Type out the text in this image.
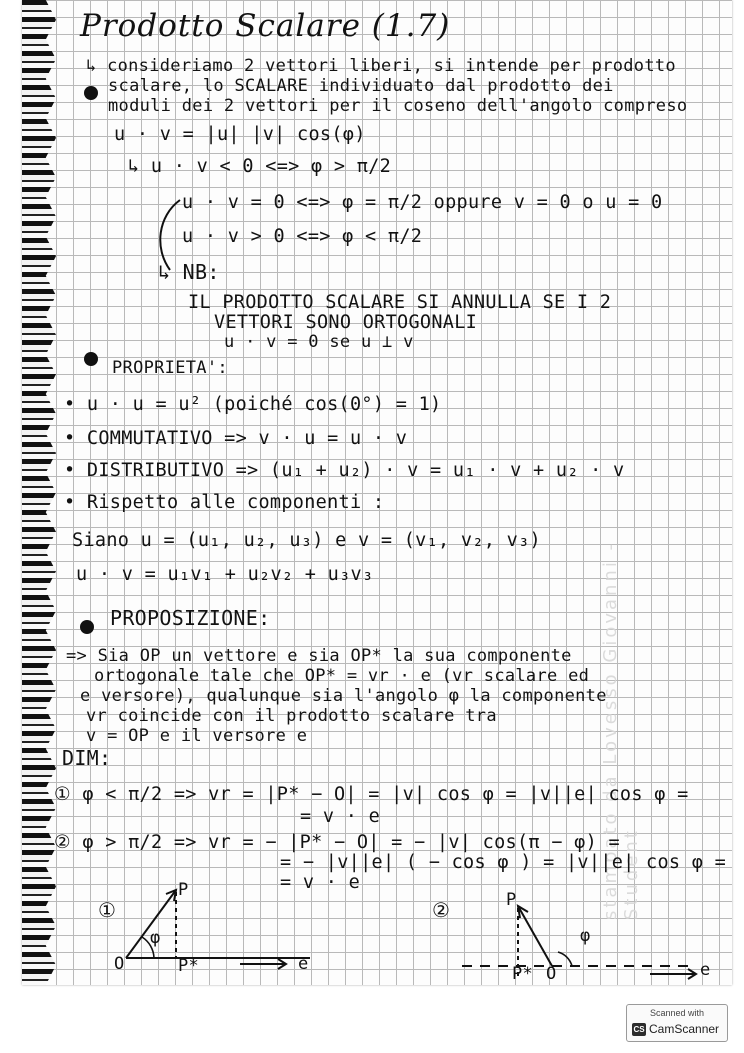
stampato da Lovesso Giovanni - Student
Prodotto Scalare (1.7)
↳ consideriamo 2 vettori liberi, si intende per prodotto
scalare, lo SCALARE individuato dal prodotto dei
moduli dei 2 vettori per il coseno dell'angolo compreso
u · v = |u| |v| cos(φ)
↳ u · v < 0 <=> φ > π/2
u · v = 0 <=> φ = π/2 oppure v = 0 o u = 0
u · v > 0 <=> φ < π/2
↳ NB:
IL PRODOTTO SCALARE SI ANNULLA SE I 2
VETTORI SONO ORTOGONALI
u · v = 0 se u ⊥ v
PROPRIETA':
• u · u = u² (poiché cos(0°) = 1)
• COMMUTATIVO => v · u = u · v
• DISTRIBUTIVO => (u₁ + u₂) · v = u₁ · v + u₂ · v
• Rispetto alle componenti :
Siano u = (u₁, u₂, u₃) e v = (v₁, v₂, v₃)
u · v = u₁v₁ + u₂v₂ + u₃v₃
PROPOSIZIONE:
=> Sia OP un vettore e sia OP* la sua componente
ortogonale tale che OP* = vr · e (vr scalare ed
e versore), qualunque sia l'angolo φ la componente
vr coincide con il prodotto scalare tra
v = OP e il versore e
DIM:
① φ < π/2 => vr = |P* − O| = |v| cos φ = |v||e| cos φ =
= v · e
② φ > π/2 => vr = − |P* − O| = − |v| cos(π − φ) =
= − |v||e| ( − cos φ ) = |v||e| cos φ =
= v · e
①
O
P
P*
φ
e
②	P
O
P*
φ
e
Scanned with
CS CamScanner
